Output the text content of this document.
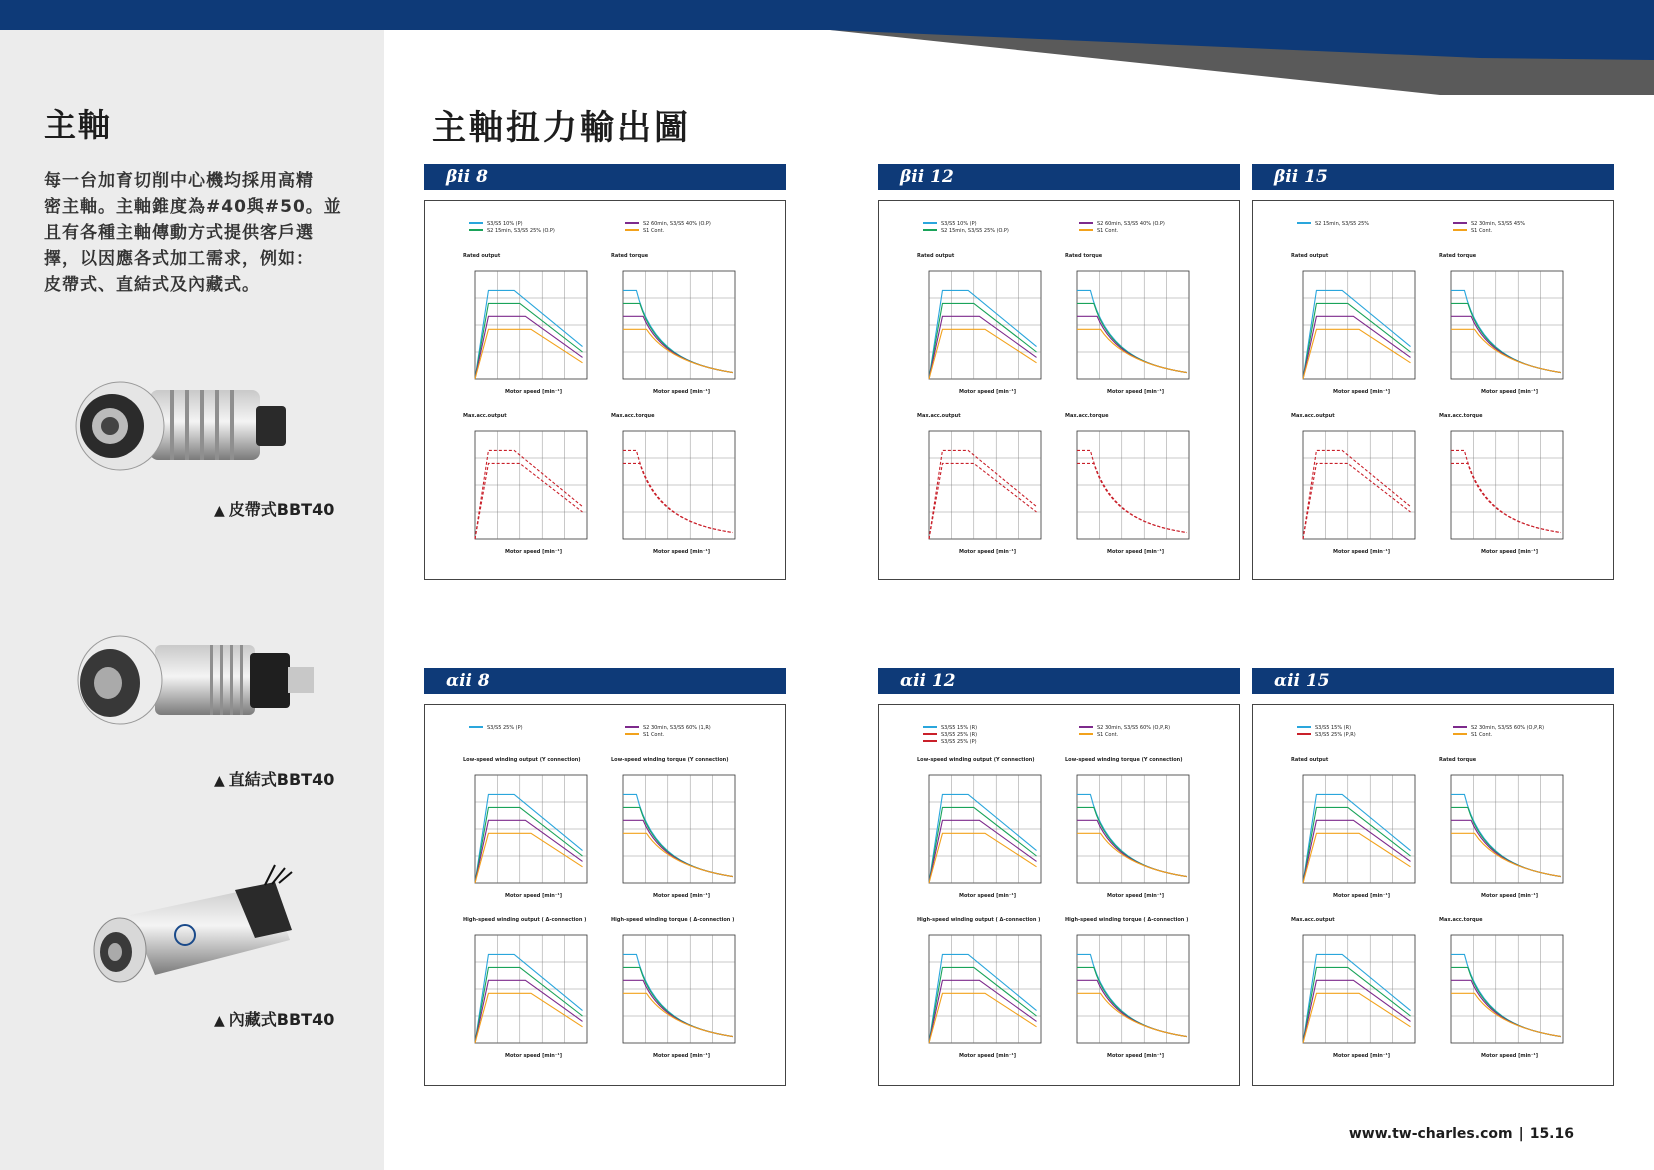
主軸
每一台加育切削中心機均採用高精
密主軸。主軸錐度為#40與#50。並
且有各種主軸傳動方式提供客戶選
擇，以因應各式加工需求，例如：
皮帶式、直結式及內藏式。
▲ 皮帶式BBT40
▲ 直結式BBT40
▲ 內藏式BBT40
主軸扭力輸出圖
βii 8
S3/S5 10% (P)
S2 15min, S3/S5 25% (O.P)
S2 60min, S3/S5 40% (O.P)
S1 Cont.
Rated output
Motor speed [min⁻¹]
Rated torque
Motor speed [min⁻¹]
Max.acc.output
Motor speed [min⁻¹]
Max.acc.torque
Motor speed [min⁻¹]
βii 12
S3/S5 10% (P)
S2 15min, S3/S5 25% (O.P)
S2 60min, S3/S5 40% (O.P)
S1 Cont.
Rated output
Motor speed [min⁻¹]
Rated torque
Motor speed [min⁻¹]
Max.acc.output
Motor speed [min⁻¹]
Max.acc.torque
Motor speed [min⁻¹]
βii 15
S2 15min, S3/S5 25%	S2 30min, S3/S5 45%
S1 Cont.
Rated output
Motor speed [min⁻¹]
Rated torque
Motor speed [min⁻¹]
Max.acc.output
Motor speed [min⁻¹]
Max.acc.torque
Motor speed [min⁻¹]
αii 8
S3/S5 25% (P)	S2 30min, S3/S5 60% (1,R)
S1 Cont.
Low-speed winding output (Y connection)
Motor speed [min⁻¹]
Low-speed winding torque (Y connection)
Motor speed [min⁻¹]
High-speed winding output ( Δ-connection )
Motor speed [min⁻¹]
High-speed winding torque ( Δ-connection )
Motor speed [min⁻¹]
αii 12
S3/S5 15% (R)
S3/S5 25% (R)
S3/S5 25% (P)
S2 30min, S3/S5 60% (O,P,R)
S1 Cont.
Low-speed winding output (Y connection)
Motor speed [min⁻¹]
Low-speed winding torque (Y connection)
Motor speed [min⁻¹]
High-speed winding output ( Δ-connection )
Motor speed [min⁻¹]
High-speed winding torque ( Δ-connection )
Motor speed [min⁻¹]
αii 15
S3/S5 15% (R)
S3/S5 25% (P,R)
S2 30min, S3/S5 60% (O,P,R)
S1 Cont.
Rated output
Motor speed [min⁻¹]
Rated torque
Motor speed [min⁻¹]
Max.acc.output
Motor speed [min⁻¹]
Max.acc.torque
Motor speed [min⁻¹]
www.tw-charles.com | 15.16
